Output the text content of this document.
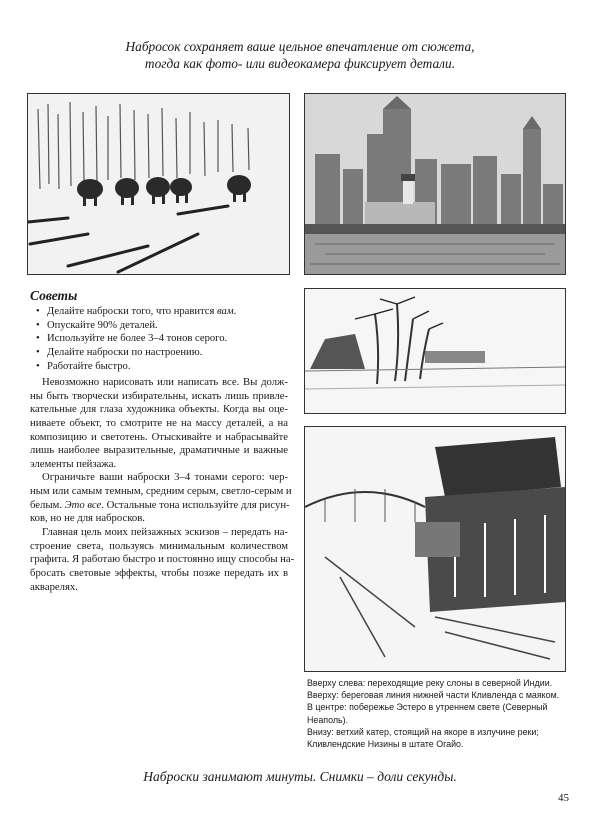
Набросок сохраняет ваше цельное впечатление от сюжета,
тогда как фото- или видеокамера фиксирует детали.
Советы
• Делайте наброски того, что нравится вам.
• Опускайте 90% деталей.
• Используйте не более 3–4 тонов серого.
• Делайте наброски по настроению.
• Работайте быстро.
Невозможно нарисовать или написать все. Вы долж-
ны быть творчески избирательны, искать лишь привле-
кательные для глаза художника объекты. Когда вы оце-
ниваете объект, то смотрите не на массу деталей, а на
композицию и светотень. Отыскивайте и набрасывайте
лишь наиболее выразительные, драматичные и важные
элементы пейзажа.
Ограничьте ваши наброски 3–4 тонами серого: чер-
ным или самым темным, средним серым, светло-серым и
белым. Это все. Остальные тона используйте для рисун-
ков, но не для набросков.
Главная цель моих пейзажных эскизов – передать на-
строение света, пользуясь минимальным количеством
графита. Я работаю быстро и постоянно ищу способы на-
бросать световые эффекты, чтобы позже передать их в
акварелях.
Вверху слева: переходящие реку слоны в северной Индии.
Вверху: береговая линия нижней части Кливленда с маяком.
В центре: побережье Эстеро в утреннем свете (Северный
Неаполь).
Внизу: ветхий катер, стоящий на якоре в излучине реки;
Кливлендские Низины в штате Огайо.
Наброски занимают минуты. Снимки – доли секунды.
45
